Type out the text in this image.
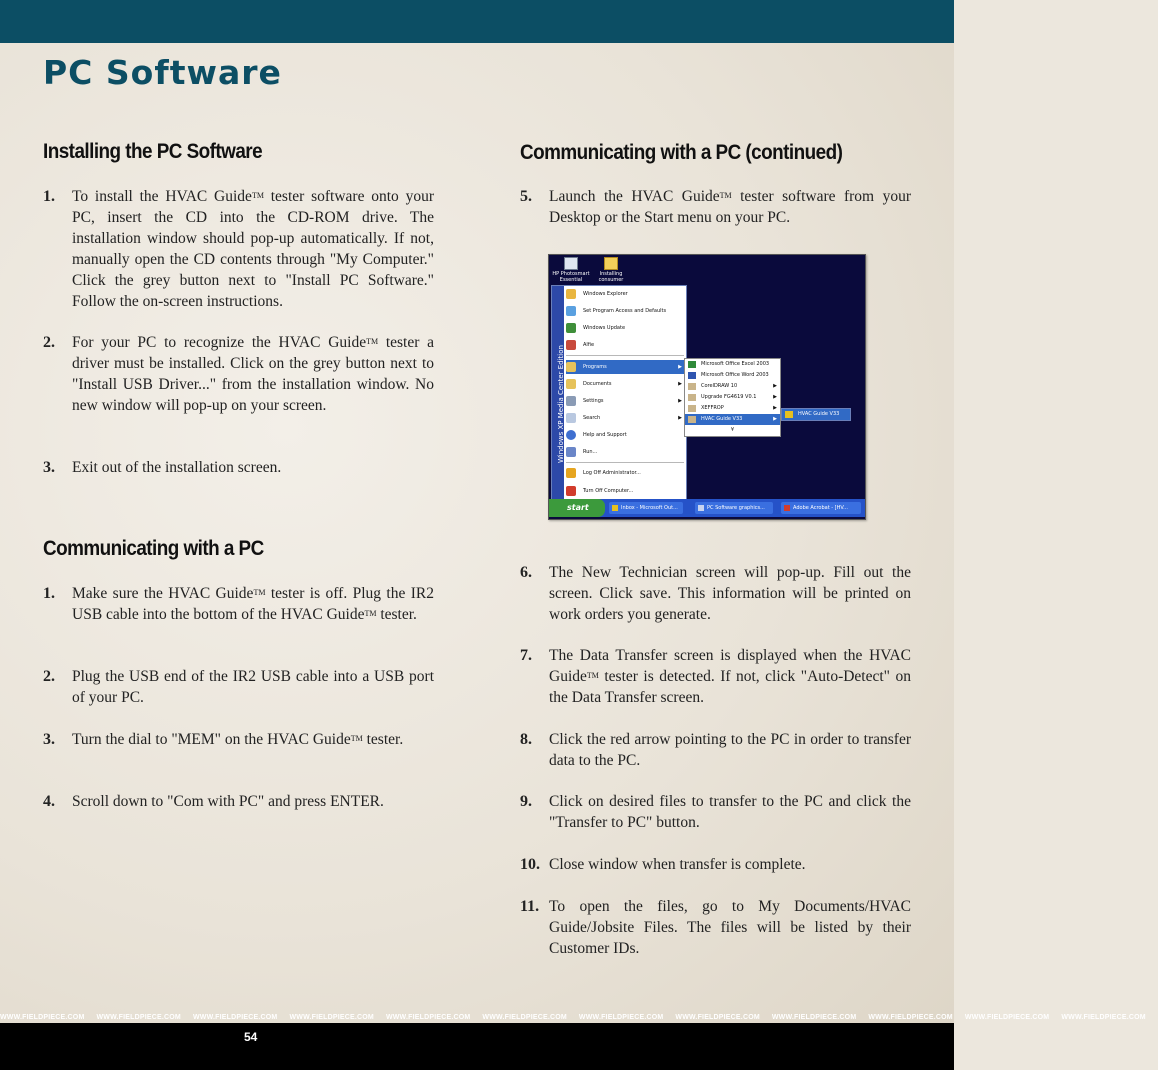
PC Software
Installing the PC Software
1. To install the HVAC Guide™ tester software onto your PC, insert the CD into the CD-ROM drive. The installation window should pop-up automatically. If not, manually open the CD contents through "My Computer." Click the grey button next to "Install PC Software." Follow the on-screen instructions.
2. For your PC to recognize the HVAC Guide™ tester a driver must be installed. Click on the grey button next to "Install USB Driver..." from the installation window. No new window will pop-up on your screen.
3. Exit out of the installation screen.
Communicating with a PC
1. Make sure the HVAC Guide™ tester is off. Plug the IR2 USB cable into the bottom of the HVAC Guide™ tester.
2. Plug the USB end of the IR2 USB cable into a USB port of your PC.
3. Turn the dial to "MEM" on the HVAC Guide™ tester.
4. Scroll down to "Com with PC" and press ENTER.
Communicating with a PC (continued)
5. Launch the HVAC Guide™ tester software from your Desktop or the Start menu on your PC.
HP Photosmart Essential
Installing consumer
Windows XP Media Center Edition
Windows Explorer
Set Program Access and Defaults
Windows Update
Alfie
Programs	▶
Documents	▶
Settings	▶
Search	▶
Help and Support
Run...
Log Off Administrator...
Turn Off Computer...
Microsoft Office Excel 2003
Microsoft Office Word 2003
CorelDRAW 10	▶
Upgrade FG4619 V0.1	▶
XEFFROP	▶
HVAC Guide V33	▶
¥
HVAC Guide V33
start	Inbox - Microsoft Out...	PC Software graphics...	Adobe Acrobat - [HV...
6. The New Technician screen will pop-up. Fill out the screen. Click save. This information will be printed on work orders you generate.
7. The Data Transfer screen is displayed when the HVAC Guide™ tester is detected. If not, click "Auto-Detect" on the Data Transfer screen.
8. Click the red arrow pointing to the PC in order to transfer data to the PC.
9. Click on desired files to transfer to the PC and click the "Transfer to PC" button.
10. Close window when transfer is complete.
11. To open the files, go to My Documents/HVAC Guide/Jobsite Files. The files will be listed by their Customer IDs.
WWW.FIELDPIECE.COM WWW.FIELDPIECE.COM WWW.FIELDPIECE.COM WWW.FIELDPIECE.COM WWW.FIELDPIECE.COM WWW.FIELDPIECE.COM WWW.FIELDPIECE.COM WWW.FIELDPIECE.COM WWW.FIELDPIECE.COM WWW.FIELDPIECE.COM WWW.FIELDPIECE.COM WWW.FIELDPIECE.COM
54
